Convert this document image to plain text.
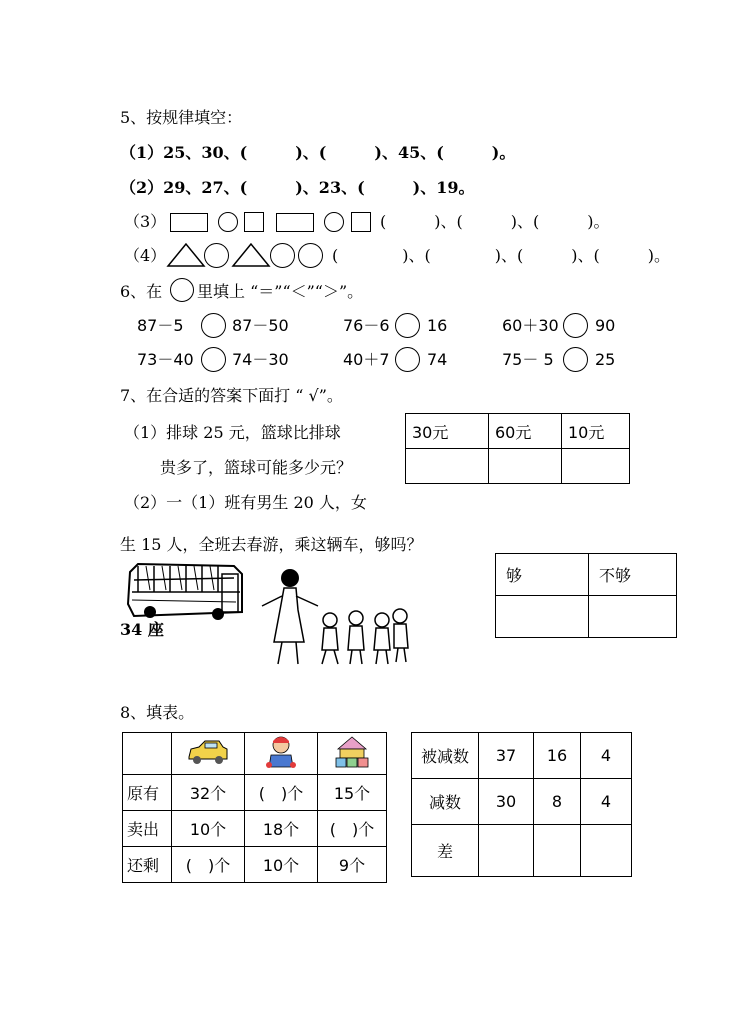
5、按规律填空：
（1）25、30、(　　　)、(　　　)、45、(　　　)。
（2）29、27、(　　　)、23、(　　　)、19。
（3）	(　　　)、(　　　)、(　　　)。
（4）	(　　　　)、(　　　　)、(　　　)、(　　　)。
6、在 里填上 “＝”“＜”“＞”。
87－5	87－50	76－6 16	60＋30 90
73－40 74－30	40＋7 74	75－ 5	25
7、在合适的答案下面打 “ √”。
（1）排球 25 元，篮球比排球
贵多了，篮球可能多少元？
30元	60元	10元

（2）一（1）班有男生 20 人，女
生 15 人，全班去春游，乘这辆车，够吗？
34 座
够	不够

8、填表。

原有	32个	(　)个	15个
卖出	10个	18个	(　)个
还剩	(　)个	10个	9个
被减数	37	16	4
减数	30	8	4
差			
